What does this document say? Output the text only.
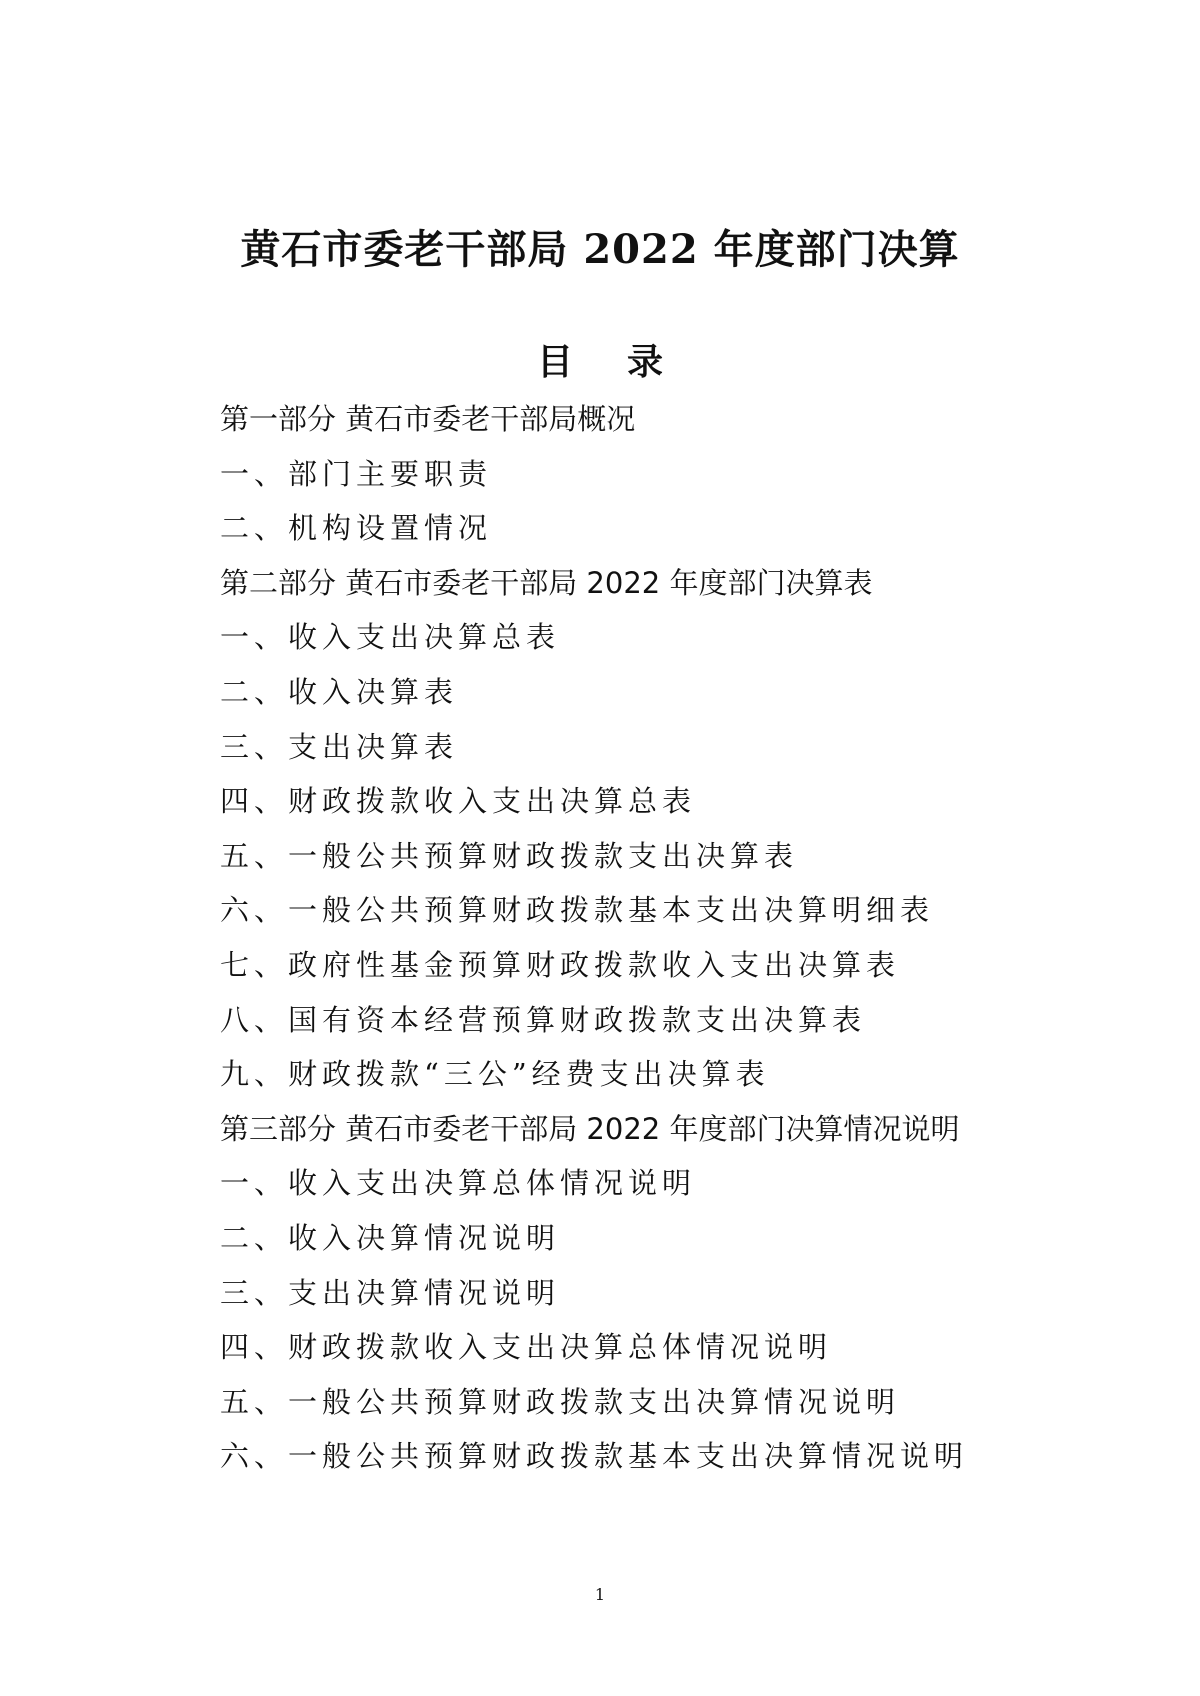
黄石市委老干部局 2022 年度部门决算
目录
第一部分 黄石市委老干部局概况
一、部门主要职责
二、机构设置情况
第二部分 黄石市委老干部局 2022 年度部门决算表
一、收入支出决算总表
二、收入决算表
三、支出决算表
四、财政拨款收入支出决算总表
五、一般公共预算财政拨款支出决算表
六、一般公共预算财政拨款基本支出决算明细表
七、政府性基金预算财政拨款收入支出决算表
八、国有资本经营预算财政拨款支出决算表
九、财政拨款“三公”经费支出决算表
第三部分 黄石市委老干部局 2022 年度部门决算情况说明
一、收入支出决算总体情况说明
二、收入决算情况说明
三、支出决算情况说明
四、财政拨款收入支出决算总体情况说明
五、一般公共预算财政拨款支出决算情况说明
六、一般公共预算财政拨款基本支出决算情况说明
1
